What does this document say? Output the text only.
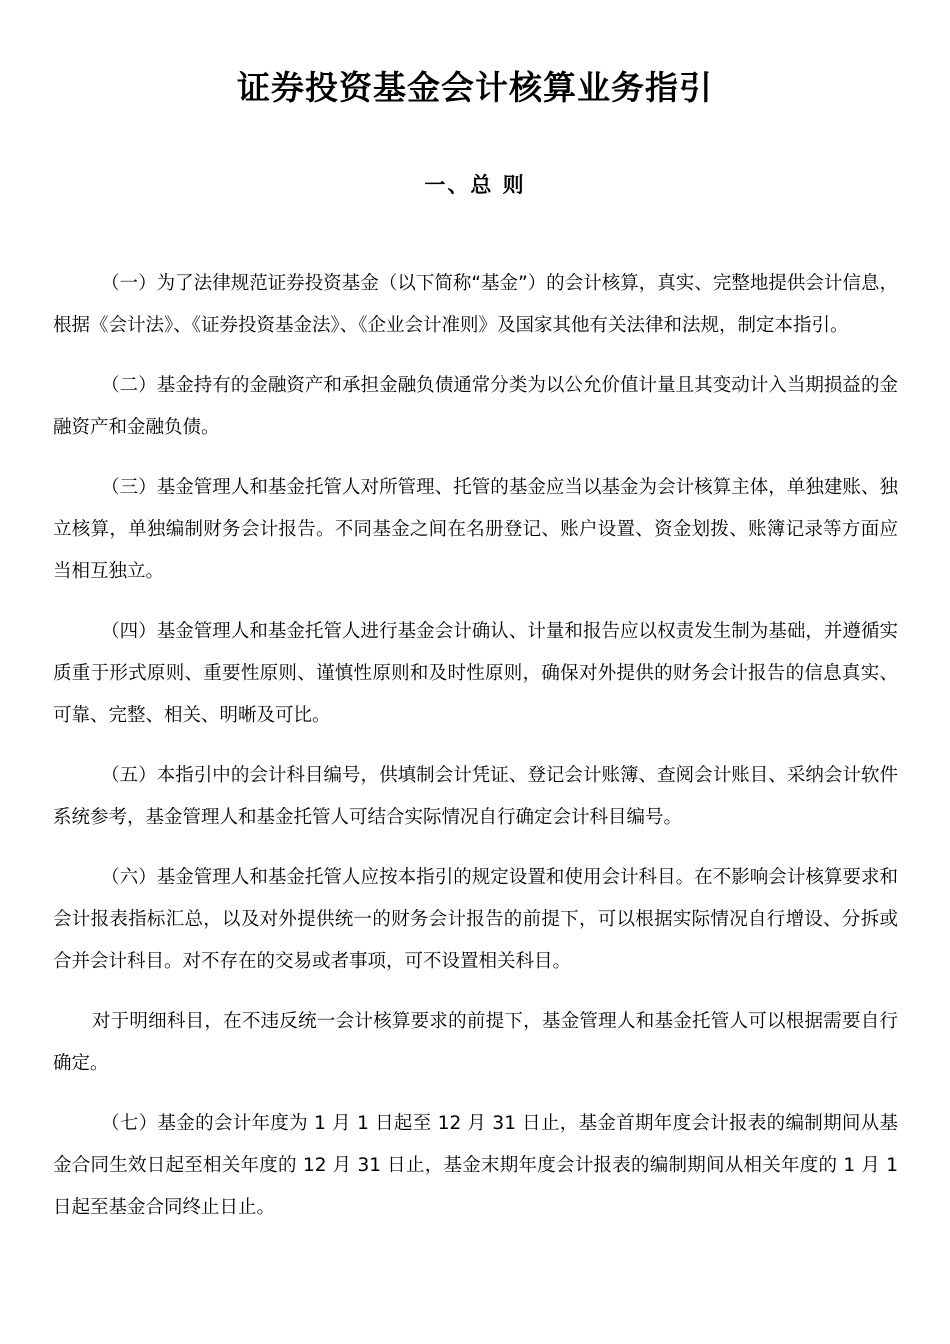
证券投资基金会计核算业务指引
一、总 则

（一）为了法律规范证券投资基金（以下简称“基金”）的会计核算，真实、完整地提供会计信息，根据《会计法》、《证券投资基金法》、《企业会计准则》及国家其他有关法律和法规，制定本指引。

（二）基金持有的金融资产和承担金融负债通常分类为以公允价值计量且其变动计入当期损益的金融资产和金融负债。

（三）基金管理人和基金托管人对所管理、托管的基金应当以基金为会计核算主体，单独建账、独立核算，单独编制财务会计报告。不同基金之间在名册登记、账户设置、资金划拨、账簿记录等方面应当相互独立。

（四）基金管理人和基金托管人进行基金会计确认、计量和报告应以权责发生制为基础，并遵循实质重于形式原则、重要性原则、谨慎性原则和及时性原则，确保对外提供的财务会计报告的信息真实、可靠、完整、相关、明晰及可比。

（五）本指引中的会计科目编号，供填制会计凭证、登记会计账簿、查阅会计账目、采纳会计软件系统参考，基金管理人和基金托管人可结合实际情况自行确定会计科目编号。

（六）基金管理人和基金托管人应按本指引的规定设置和使用会计科目。在不影响会计核算要求和会计报表指标汇总，以及对外提供统一的财务会计报告的前提下，可以根据实际情况自行增设、分拆或合并会计科目。对不存在的交易或者事项，可不设置相关科目。

对于明细科目，在不违反统一会计核算要求的前提下，基金管理人和基金托管人可以根据需要自行确定。

（七）基金的会计年度为 1 月 1 日起至 12 月 31 日止，基金首期年度会计报表的编制期间从基金合同生效日起至相关年度的 12 月 31 日止，基金末期年度会计报表的编制期间从相关年度的 1 月 1 日起至基金合同终止日止。
